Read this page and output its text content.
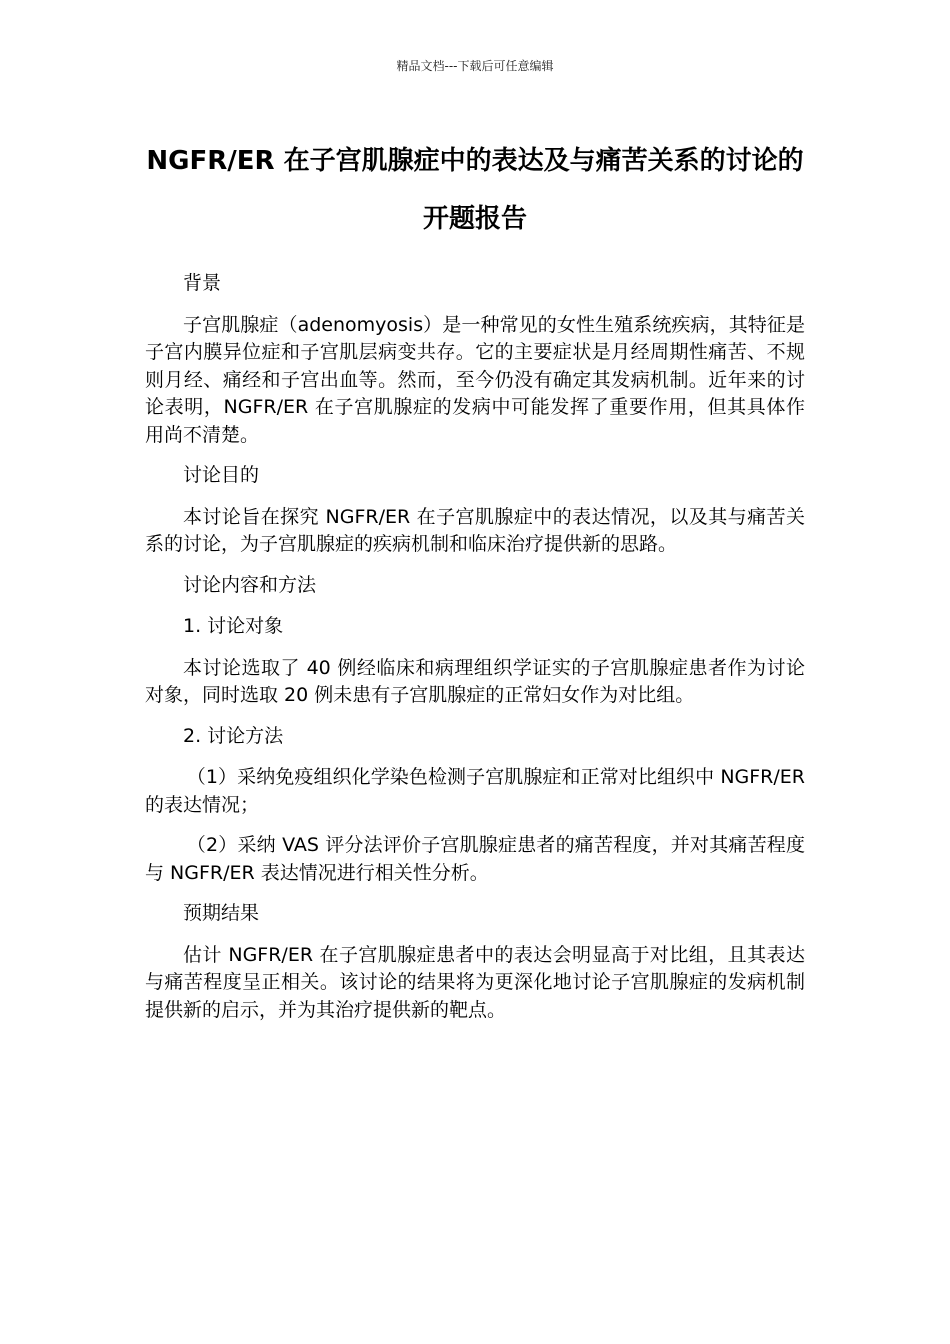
精品文档---下载后可任意编辑
NGFR/ER 在子宫肌腺症中的表达及与痛苦关系的讨论的开题报告

背景

子宫肌腺症（adenomyosis）是一种常见的女性生殖系统疾病，其特征是子宫内膜异位症和子宫肌层病变共存。它的主要症状是月经周期性痛苦、不规则月经、痛经和子宫出血等。然而，至今仍没有确定其发病机制。近年来的讨论表明，NGFR/ER 在子宫肌腺症的发病中可能发挥了重要作用，但其具体作用尚不清楚。

讨论目的

本讨论旨在探究 NGFR/ER 在子宫肌腺症中的表达情况，以及其与痛苦关系的讨论，为子宫肌腺症的疾病机制和临床治疗提供新的思路。

讨论内容和方法

1. 讨论对象

本讨论选取了 40 例经临床和病理组织学证实的子宫肌腺症患者作为讨论对象，同时选取 20 例未患有子宫肌腺症的正常妇女作为对比组。

2. 讨论方法

（1）采纳免疫组织化学染色检测子宫肌腺症和正常对比组织中 NGFR/ER 的表达情况；

（2）采纳 VAS 评分法评价子宫肌腺症患者的痛苦程度，并对其痛苦程度与 NGFR/ER 表达情况进行相关性分析。

预期结果

估计 NGFR/ER 在子宫肌腺症患者中的表达会明显高于对比组，且其表达与痛苦程度呈正相关。该讨论的结果将为更深化地讨论子宫肌腺症的发病机制提供新的启示，并为其治疗提供新的靶点。
